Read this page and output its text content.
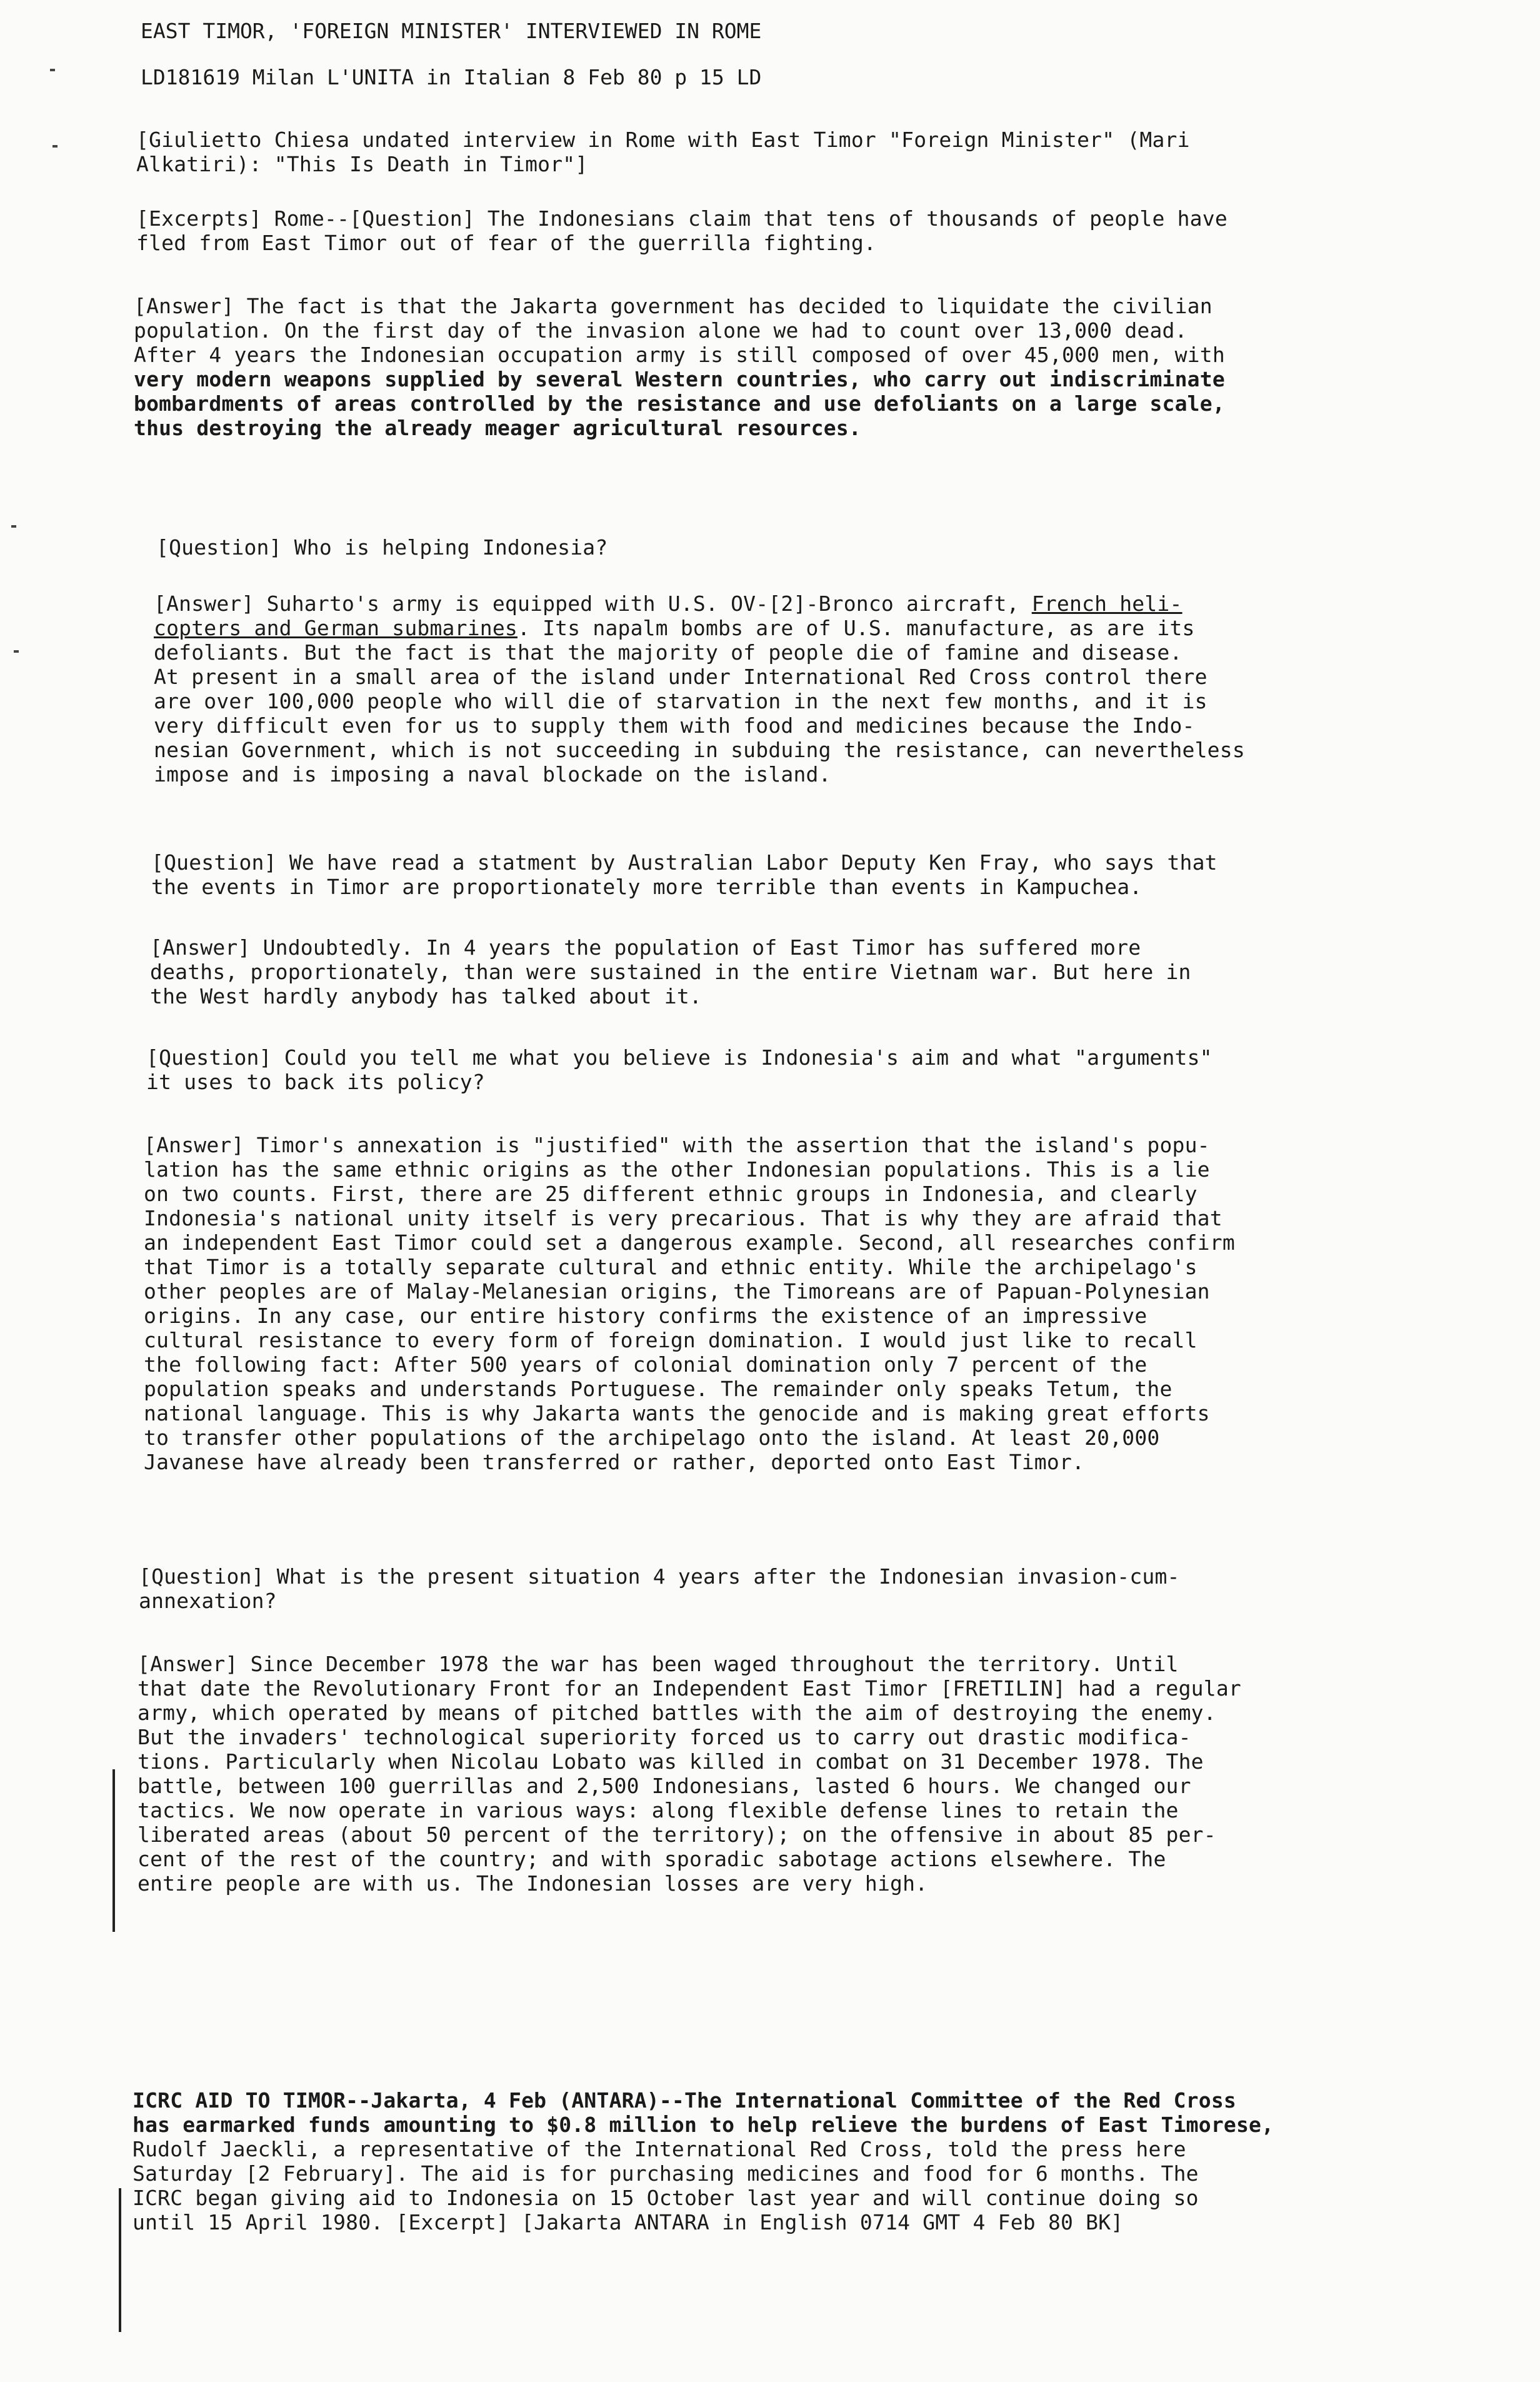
EAST TIMOR, 'FOREIGN MINISTER' INTERVIEWED IN ROME
LD181619 Milan L'UNITA in Italian 8 Feb 80 p 15 LD
[Giulietto Chiesa undated interview in Rome with East Timor "Foreign Minister" (Mari
Alkatiri): "This Is Death in Timor"]
[Excerpts] Rome--[Question] The Indonesians claim that tens of thousands of people have
fled from East Timor out of fear of the guerrilla fighting.
[Answer] The fact is that the Jakarta government has decided to liquidate the civilian
population. On the first day of the invasion alone we had to count over 13,000 dead.
After 4 years the Indonesian occupation army is still composed of over 45,000 men, with
very modern weapons supplied by several Western countries, who carry out indiscriminate
bombardments of areas controlled by the resistance and use defoliants on a large scale,
thus destroying the already meager agricultural resources.
[Question] Who is helping Indonesia?
[Answer] Suharto's army is equipped with U.S. OV-[2]-Bronco aircraft, French heli-
copters and German submarines. Its napalm bombs are of U.S. manufacture, as are its
defoliants. But the fact is that the majority of people die of famine and disease.
At present in a small area of the island under International Red Cross control there
are over 100,000 people who will die of starvation in the next few months, and it is
very difficult even for us to supply them with food and medicines because the Indo-
nesian Government, which is not succeeding in subduing the resistance, can nevertheless
impose and is imposing a naval blockade on the island.
[Question] We have read a statment by Australian Labor Deputy Ken Fray, who says that
the events in Timor are proportionately more terrible than events in Kampuchea.
[Answer] Undoubtedly. In 4 years the population of East Timor has suffered more
deaths, proportionately, than were sustained in the entire Vietnam war. But here in
the West hardly anybody has talked about it.
[Question] Could you tell me what you believe is Indonesia's aim and what "arguments"
it uses to back its policy?
[Answer] Timor's annexation is "justified" with the assertion that the island's popu-
lation has the same ethnic origins as the other Indonesian populations. This is a lie
on two counts. First, there are 25 different ethnic groups in Indonesia, and clearly
Indonesia's national unity itself is very precarious. That is why they are afraid that
an independent East Timor could set a dangerous example. Second, all researches confirm
that Timor is a totally separate cultural and ethnic entity. While the archipelago's
other peoples are of Malay-Melanesian origins, the Timoreans are of Papuan-Polynesian
origins. In any case, our entire history confirms the existence of an impressive
cultural resistance to every form of foreign domination. I would just like to recall
the following fact: After 500 years of colonial domination only 7 percent of the
population speaks and understands Portuguese. The remainder only speaks Tetum, the
national language. This is why Jakarta wants the genocide and is making great efforts
to transfer other populations of the archipelago onto the island. At least 20,000
Javanese have already been transferred or rather, deported onto East Timor.
[Question] What is the present situation 4 years after the Indonesian invasion-cum-
annexation?
[Answer] Since December 1978 the war has been waged throughout the territory. Until
that date the Revolutionary Front for an Independent East Timor [FRETILIN] had a regular
army, which operated by means of pitched battles with the aim of destroying the enemy.
But the invaders' technological superiority forced us to carry out drastic modifica-
tions. Particularly when Nicolau Lobato was killed in combat on 31 December 1978. The
battle, between 100 guerrillas and 2,500 Indonesians, lasted 6 hours. We changed our
tactics. We now operate in various ways: along flexible defense lines to retain the
liberated areas (about 50 percent of the territory); on the offensive in about 85 per-
cent of the rest of the country; and with sporadic sabotage actions elsewhere. The
entire people are with us. The Indonesian losses are very high.
ICRC AID TO TIMOR--Jakarta, 4 Feb (ANTARA)--The International Committee of the Red Cross
has earmarked funds amounting to $0.8 million to help relieve the burdens of East Timorese,
Rudolf Jaeckli, a representative of the International Red Cross, told the press here
Saturday [2 February]. The aid is for purchasing medicines and food for 6 months. The
ICRC began giving aid to Indonesia on 15 October last year and will continue doing so
until 15 April 1980. [Excerpt] [Jakarta ANTARA in English 0714 GMT 4 Feb 80 BK]
